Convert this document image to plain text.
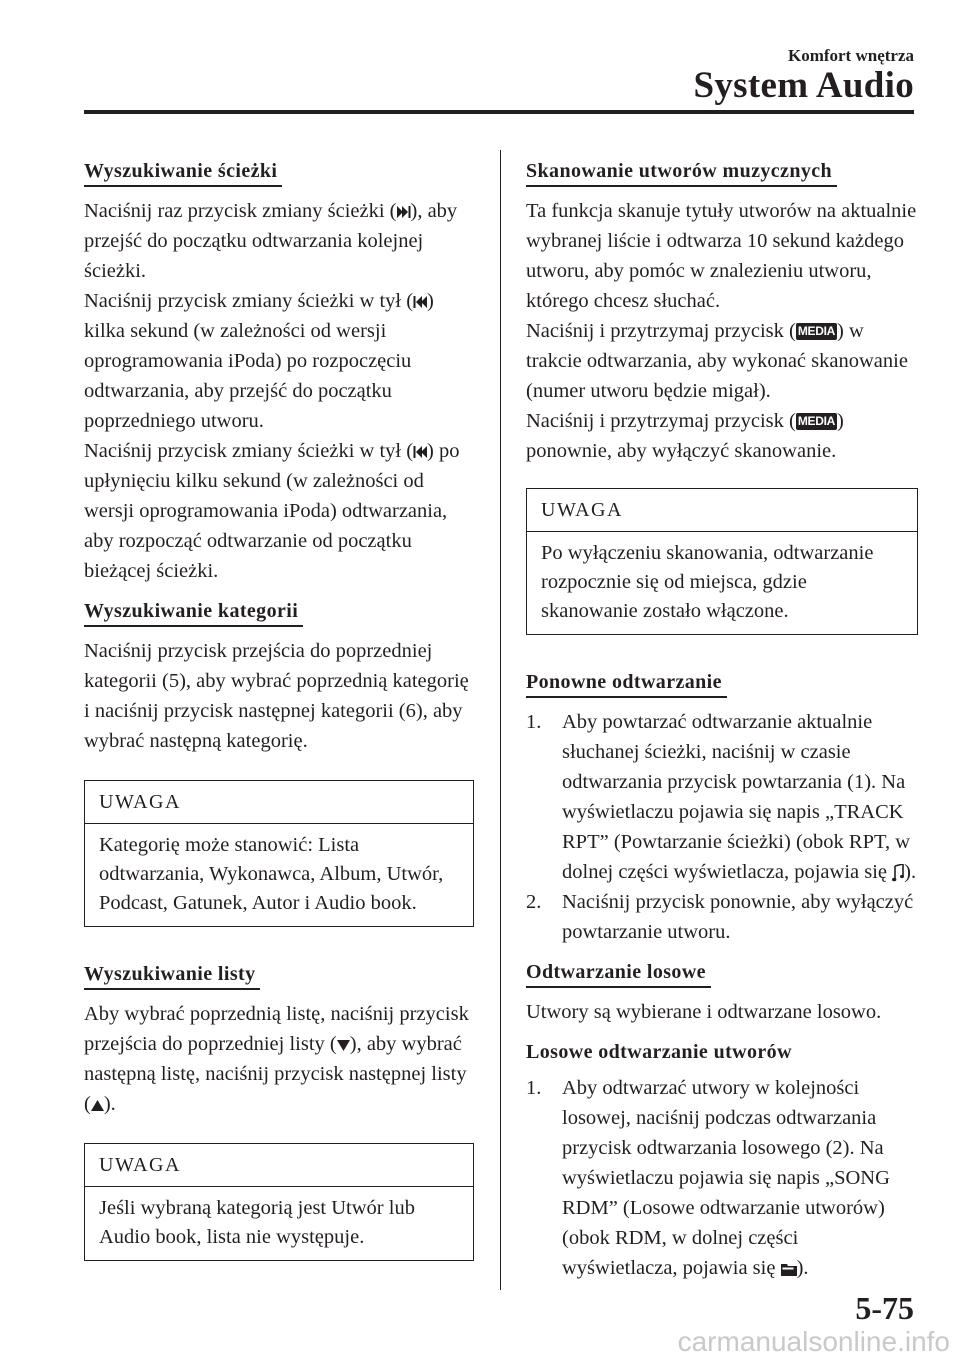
Komfort wnętrza
System Audio
Wyszukiwanie ścieżki

Naciśnij raz przycisk zmiany ścieżki ( ), aby przejść do początku odtwarzania kolejnej ścieżki.
Naciśnij przycisk zmiany ścieżki w tył ( ) kilka sekund (w zależności od wersji oprogramowania iPoda) po rozpoczęciu odtwarzania, aby przejść do początku poprzedniego utworu.
Naciśnij przycisk zmiany ścieżki w tył ( ) po upłynięciu kilku sekund (w zależności od wersji oprogramowania iPoda) odtwarzania, aby rozpocząć odtwarzanie od początku bieżącej ścieżki.

Wyszukiwanie kategorii

Naciśnij przycisk przejścia do poprzedniej kategorii (5), aby wybrać poprzednią kategorię i naciśnij przycisk następnej kategorii (6), aby wybrać następną kategorię.

UWAGA
Kategorię może stanowić: Lista odtwarzania, Wykonawca, Album, Utwór, Podcast, Gatunek, Autor i Audio book.
Wyszukiwanie listy

Aby wybrać poprzednią listę, naciśnij przycisk przejścia do poprzedniej listy ( ), aby wybrać następną listę, naciśnij przycisk następnej listy ( ).

UWAGA
Jeśli wybraną kategorią jest Utwór lub Audio book, lista nie występuje.
Skanowanie utworów muzycznych

Ta funkcja skanuje tytuły utworów na aktualnie wybranej liście i odtwarza 10 sekund każdego utworu, aby pomóc w znalezieniu utworu, którego chcesz słuchać.
Naciśnij i przytrzymaj przycisk ( MEDIA) w trakcie odtwarzania, aby wykonać skanowanie (numer utworu będzie migał).
Naciśnij i przytrzymaj przycisk ( MEDIA) ponownie, aby wyłączyć skanowanie.

UWAGA
Po wyłączeniu skanowania, odtwarzanie rozpocznie się od miejsca, gdzie skanowanie zostało włączone.
Ponowne odtwarzanie
1.	Aby powtarzać odtwarzanie aktualnie słuchanej ścieżki, naciśnij w czasie odtwarzania przycisk powtarzania (1). Na wyświetlaczu pojawia się napis „TRACK RPT” (Powtarzanie ścieżki) (obok RPT, w dolnej części wyświetlacza, pojawia się ).
2.	Naciśnij przycisk ponownie, aby wyłączyć powtarzanie utworu.
Odtwarzanie losowe

Utwory są wybierane i odtwarzane losowo.

Losowe odtwarzanie utworów
1.	Aby odtwarzać utwory w kolejności losowej, naciśnij podczas odtwarzania przycisk odtwarzania losowego (2). Na wyświetlaczu pojawia się napis „SONG RDM” (Losowe odtwarzanie utworów) (obok RDM, w dolnej części wyświetlacza, pojawia się ).
5-75
carmanualsonline.info
